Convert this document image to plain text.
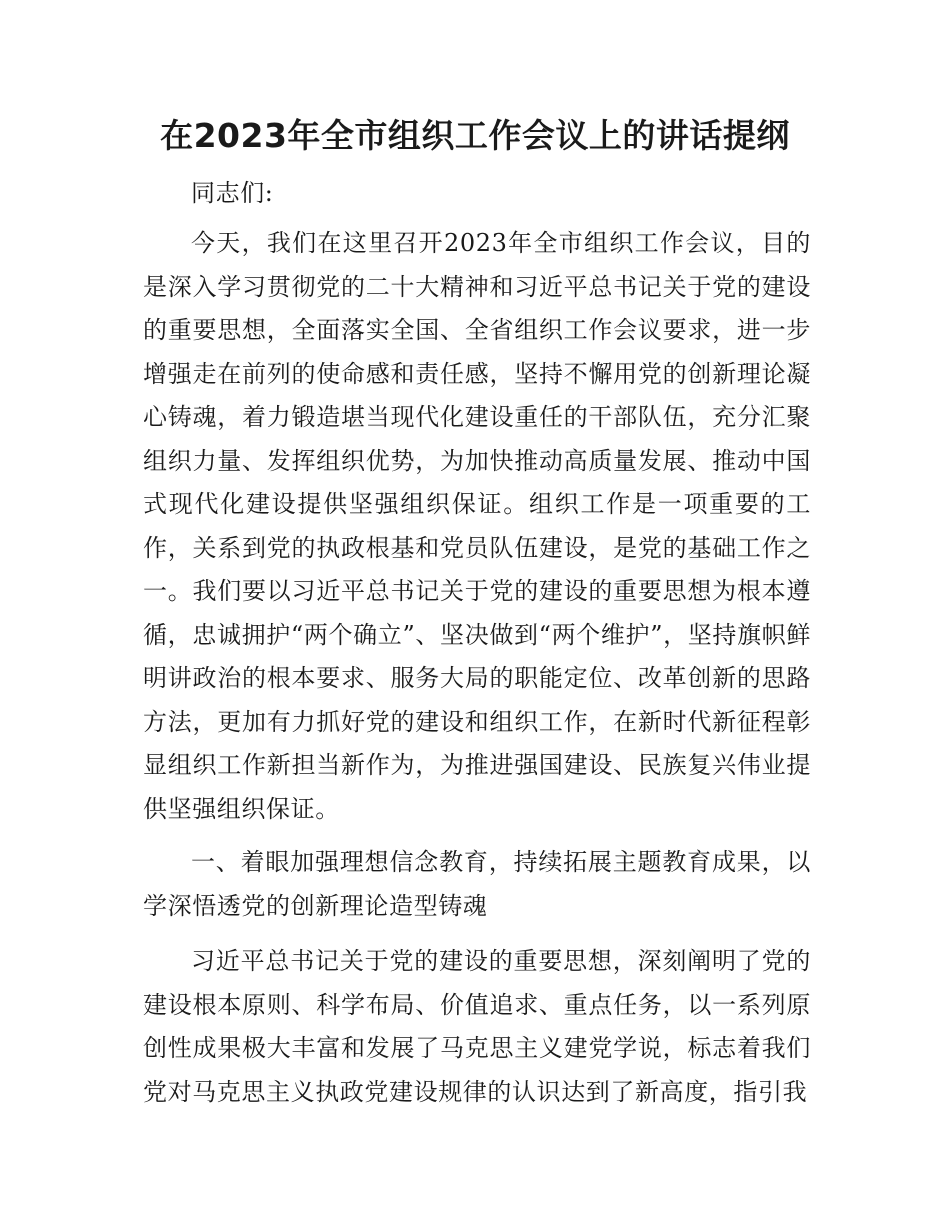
在2023年全市组织工作会议上的讲话提纲

同志们:

今天，我们在这里召开2023年全市组织工作会议，目的是深入学习贯彻党的二十大精神和习近平总书记关于党的建设的重要思想，全面落实全国、全省组织工作会议要求，进一步增强走在前列的使命感和责任感，坚持不懈用党的创新理论凝心铸魂，着力锻造堪当现代化建设重任的干部队伍，充分汇聚组织力量、发挥组织优势，为加快推动高质量发展、推动中国式现代化建设提供坚强组织保证。组织工作是一项重要的工作，关系到党的执政根基和党员队伍建设，是党的基础工作之一。我们要以习近平总书记关于党的建设的重要思想为根本遵循，忠诚拥护“两个确立”、坚决做到“两个维护”，坚持旗帜鲜明讲政治的根本要求、服务大局的职能定位、改革创新的思路方法，更加有力抓好党的建设和组织工作，在新时代新征程彰显组织工作新担当新作为，为推进强国建设、民族复兴伟业提供坚强组织保证。

一、着眼加强理想信念教育，持续拓展主题教育成果，以学深悟透党的创新理论造型铸魂

习近平总书记关于党的建设的重要思想，深刻阐明了党的建设根本原则、科学布局、价值追求、重点任务，以一系列原创性成果极大丰富和发展了马克思主义建党学说，标志着我们党对马克思主义执政党建设规律的认识达到了新高度，指引我
